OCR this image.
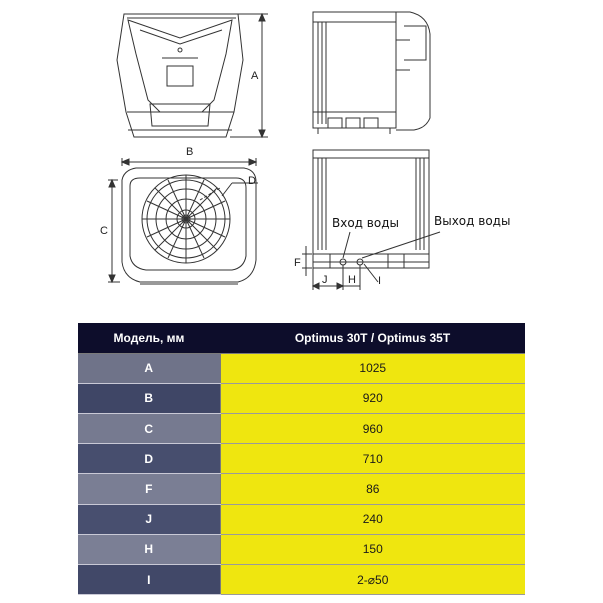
A
B
C
D
F
J H I
Вход воды	Выход воды
Модель, мм	Optimus 30T / Optimus 35T
A	1025
B	920
C	960
D	710
F	86
J	240
H	150
I	2-⌀50
